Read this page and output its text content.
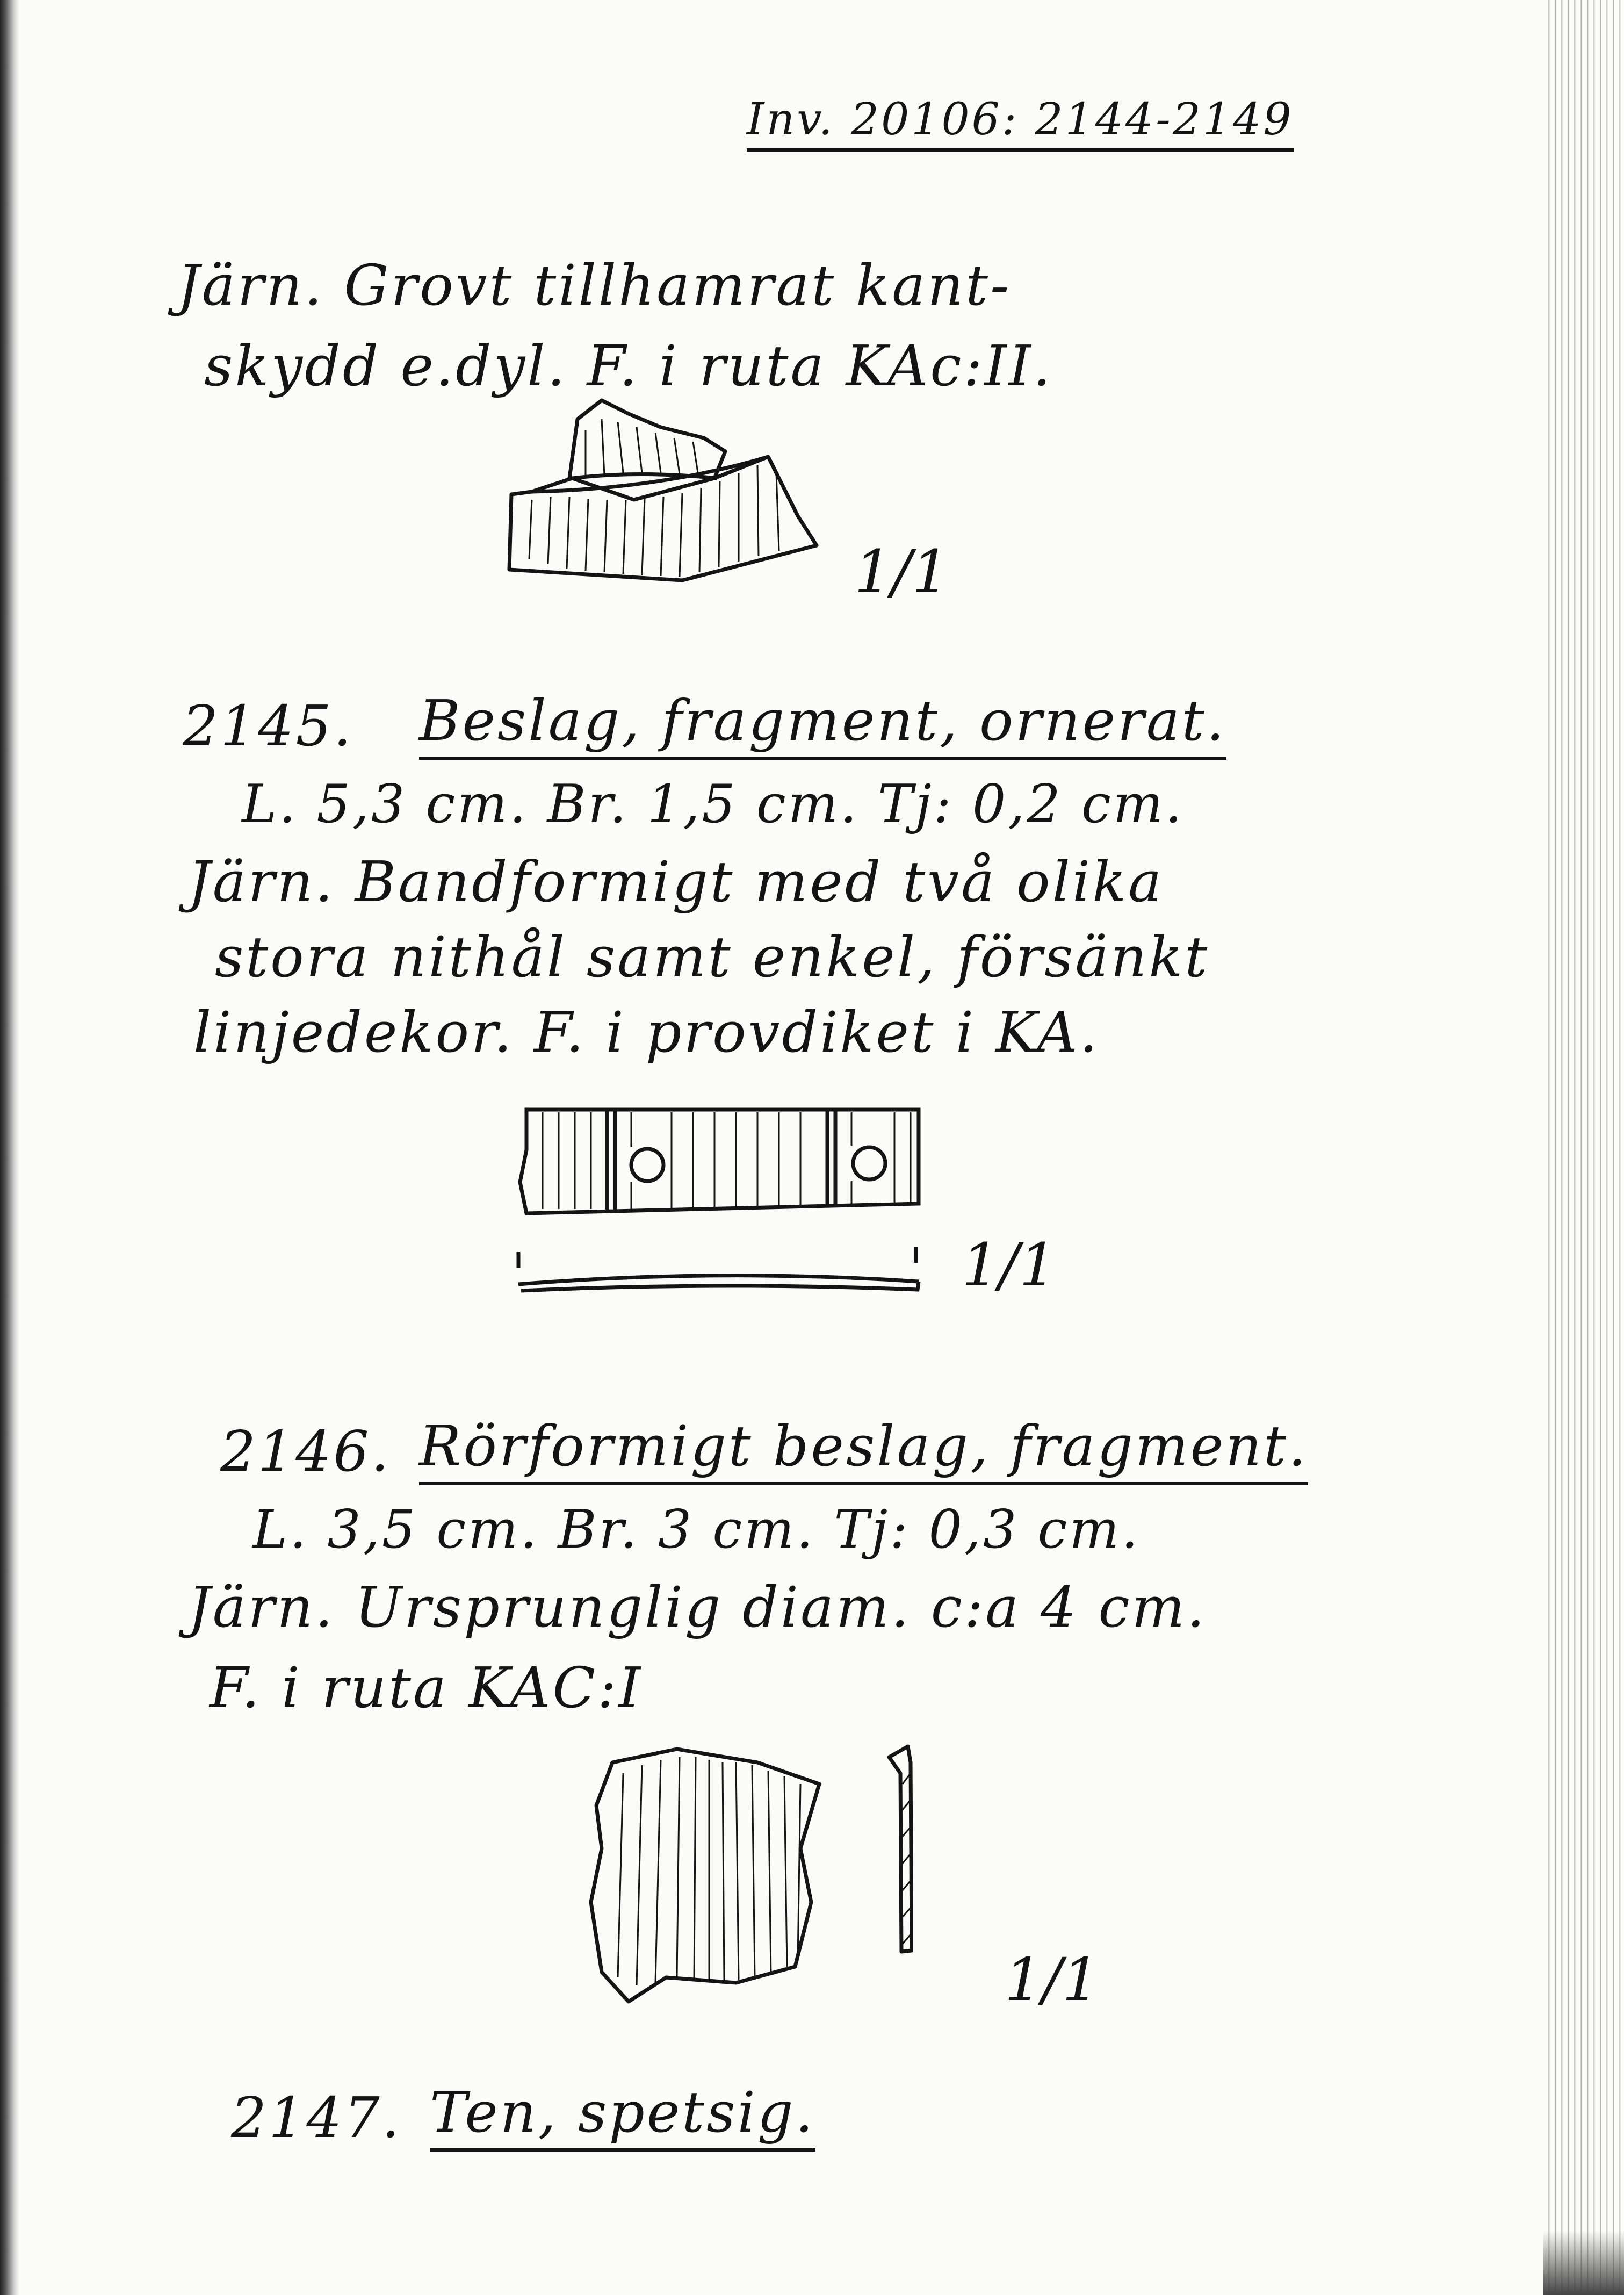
Inv. 20106: 2144-2149
Järn. Grovt tillhamrat kant-
skydd e.dyl. F. i ruta KAc:II.
1/1
2145. Beslag, fragment, ornerat.
L. 5,3 cm. Br. 1,5 cm. Tj: 0,2 cm.
Järn. Bandformigt med två olika
stora nithål samt enkel, försänkt
linjedekor. F. i provdiket i KA.
1/1
2146. Rörformigt beslag, fragment.
L. 3,5 cm. Br. 3 cm. Tj: 0,3 cm.
Järn. Ursprunglig diam. c:a 4 cm.
F. i ruta KAC:I
1/1
2147. Ten, spetsig.
